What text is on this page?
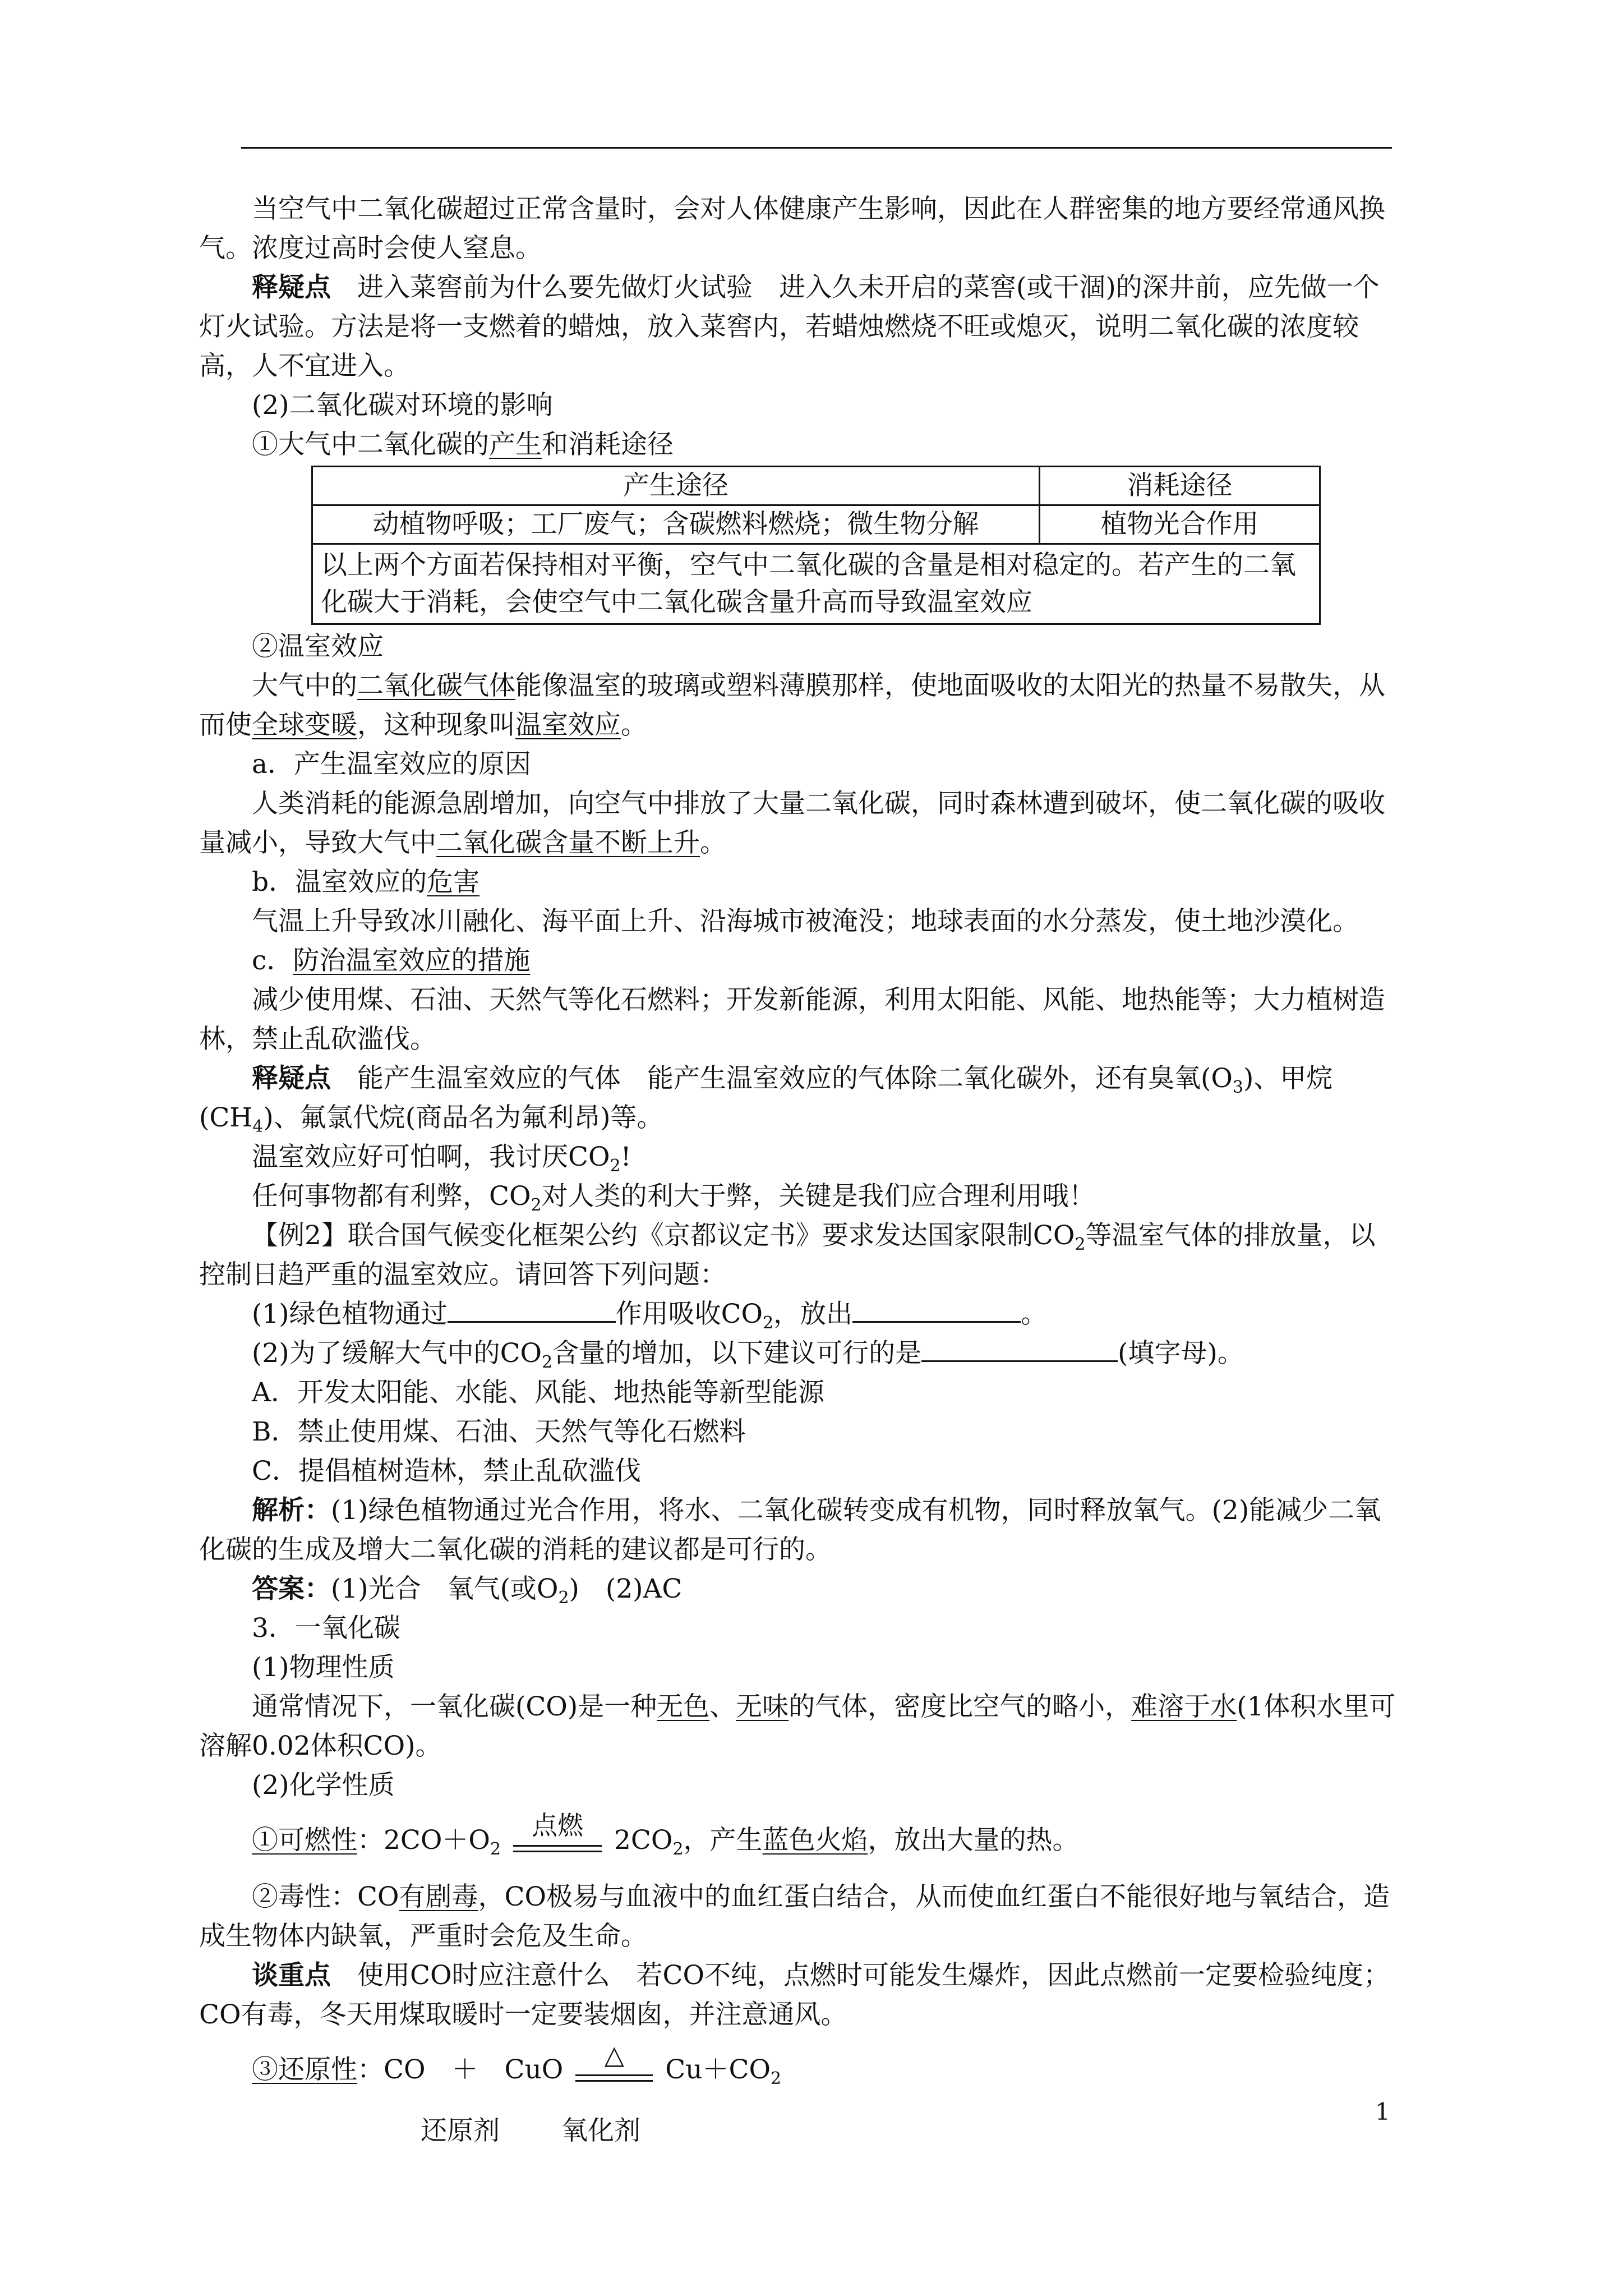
当空气中二氧化碳超过正常含量时，会对人体健康产生影响，因此在人群密集的地方要经常通风换气。浓度过高时会使人窒息。

释疑点　进入菜窖前为什么要先做灯火试验　进入久未开启的菜窖(或干涸)的深井前，应先做一个灯火试验。方法是将一支燃着的蜡烛，放入菜窖内，若蜡烛燃烧不旺或熄灭，说明二氧化碳的浓度较高，人不宜进入。

(2)二氧化碳对环境的影响

①大气中二氧化碳的产生和消耗途径

产生途径	消耗途径
动植物呼吸；工厂废气；含碳燃料燃烧；微生物分解	植物光合作用
以上两个方面若保持相对平衡，空气中二氧化碳的含量是相对稳定的。若产生的二氧化碳大于消耗，会使空气中二氧化碳含量升高而导致温室效应	

②温室效应

大气中的二氧化碳气体能像温室的玻璃或塑料薄膜那样，使地面吸收的太阳光的热量不易散失，从而使全球变暖，这种现象叫温室效应。

a．产生温室效应的原因

人类消耗的能源急剧增加，向空气中排放了大量二氧化碳，同时森林遭到破坏，使二氧化碳的吸收量减小，导致大气中二氧化碳含量不断上升。

b．温室效应的危害

气温上升导致冰川融化、海平面上升、沿海城市被淹没；地球表面的水分蒸发，使土地沙漠化。

c．防治温室效应的措施

减少使用煤、石油、天然气等化石燃料；开发新能源，利用太阳能、风能、地热能等；大力植树造林，禁止乱砍滥伐。

释疑点　能产生温室效应的气体　能产生温室效应的气体除二氧化碳外，还有臭氧$(O_3)$、甲烷$(CH_4)$、氟氯代烷(商品名为氟利昂)等。

温室效应好可怕啊，我讨厌$CO_2$!

任何事物都有利弊，$CO_2$对人类的利大于弊，关键是我们应合理利用哦！

【例2】联合国气候变化框架公约《京都议定书》要求发达国家限制$CO_2$等温室气体的排放量，以控制日趋严重的温室效应。请回答下列问题：

(1)绿色植物通过	作用吸收$CO_2$，放出	。

(2)为了缓解大气中的$CO_2$含量的增加，以下建议可行的是	(填字母)。

A．开发太阳能、水能、风能、地热能等新型能源

B．禁止使用煤、石油、天然气等化石燃料

C．提倡植树造林，禁止乱砍滥伐

解析：(1)绿色植物通过光合作用，将水、二氧化碳转变成有机物，同时释放氧气。(2)能减少二氧化碳的生成及增大二氧化碳的消耗的建议都是可行的。

答案：(1)光合　氧气(或$O_2$)　(2)AC

3．一氧化碳

(1)物理性质

通常情况下，一氧化碳(CO)是一种无色、无味的气体，密度比空气的略小，难溶于水(1体积水里可溶解0.02体积CO)。

(2)化学性质

①可燃性：$2CO+O_2$
点燃	$2CO_2$，产生蓝色火焰，放出大量的热。

②毒性：CO有剧毒，CO极易与血液中的血红蛋白结合，从而使血红蛋白不能很好地与氧结合，造成生物体内缺氧，严重时会危及生命。

谈重点　使用CO时应注意什么　若CO不纯，点燃时可能发生爆炸，因此点燃前一定要检验纯度；CO有毒，冬天用煤取暖时一定要装烟囱，并注意通风。

③还原性：CO　＋　CuO	△	$Cu+CO_2$

还原剂 氧化剂

1
